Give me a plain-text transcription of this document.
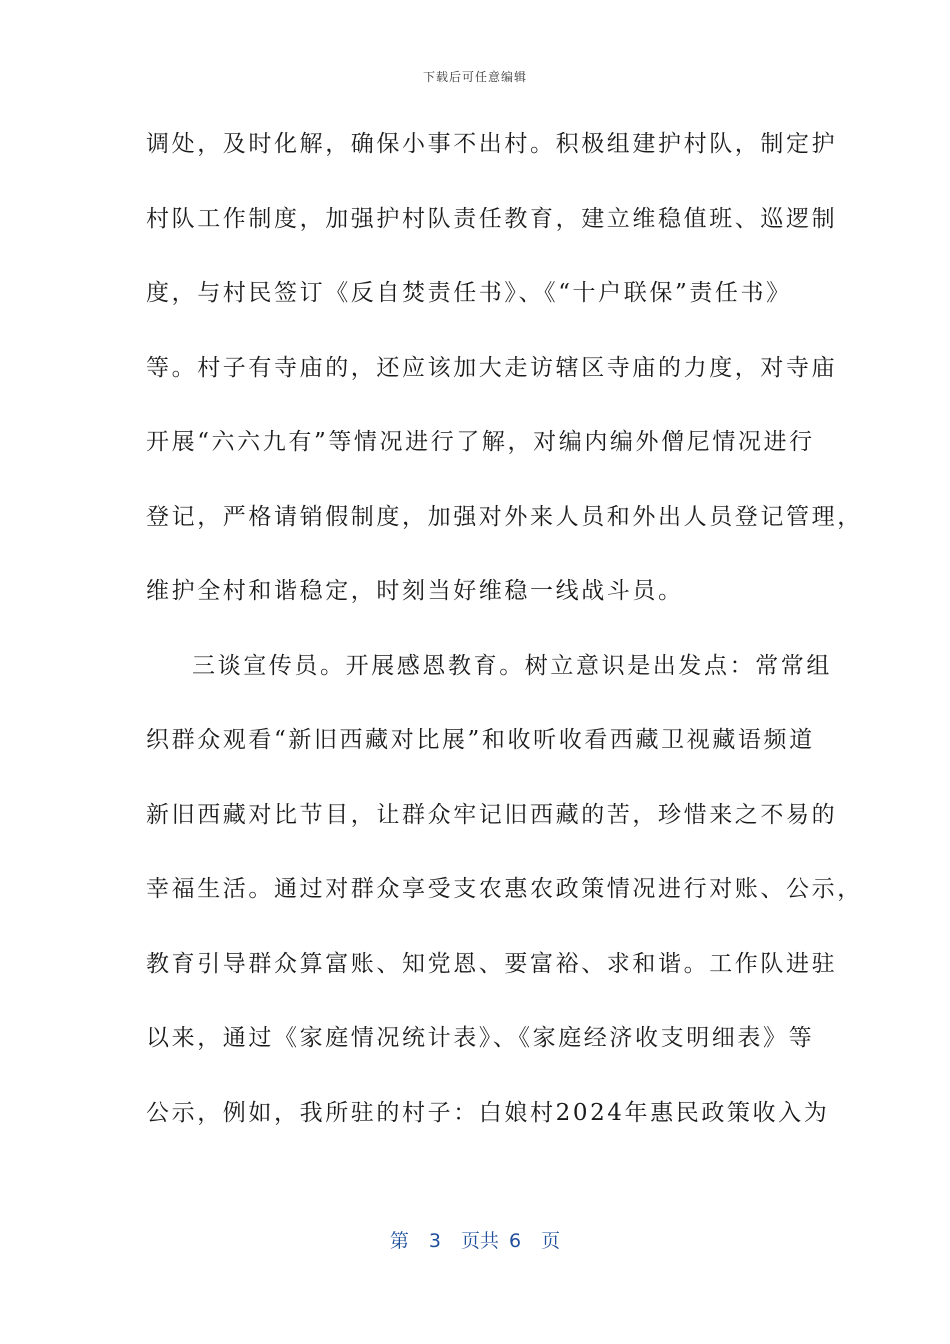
下载后可任意编辑
调处，及时化解，确保小事不出村。积极组建护村队，制定护
村队工作制度，加强护村队责任教育，建立维稳值班、巡逻制
度，与村民签订《反自焚责任书》、《“十户联保”责任书》
等。村子有寺庙的，还应该加大走访辖区寺庙的力度，对寺庙
开展“六六九有”等情况进行了解，对编内编外僧尼情况进行
登记，严格请销假制度，加强对外来人员和外出人员登记管理，
维护全村和谐稳定，时刻当好维稳一线战斗员。
三谈宣传员。开展感恩教育。树立意识是出发点：常常组
织群众观看“新旧西藏对比展”和收听收看西藏卫视藏语频道
新旧西藏对比节目，让群众牢记旧西藏的苦，珍惜来之不易的
幸福生活。通过对群众享受支农惠农政策情况进行对账、公示，
教育引导群众算富账、知党恩、要富裕、求和谐。工作队进驻
以来，通过《家庭情况统计表》、《家庭经济收支明细表》等
公示，例如，我所驻的村子：白娘村2024年惠民政策收入为
第 3 页共 6 页
